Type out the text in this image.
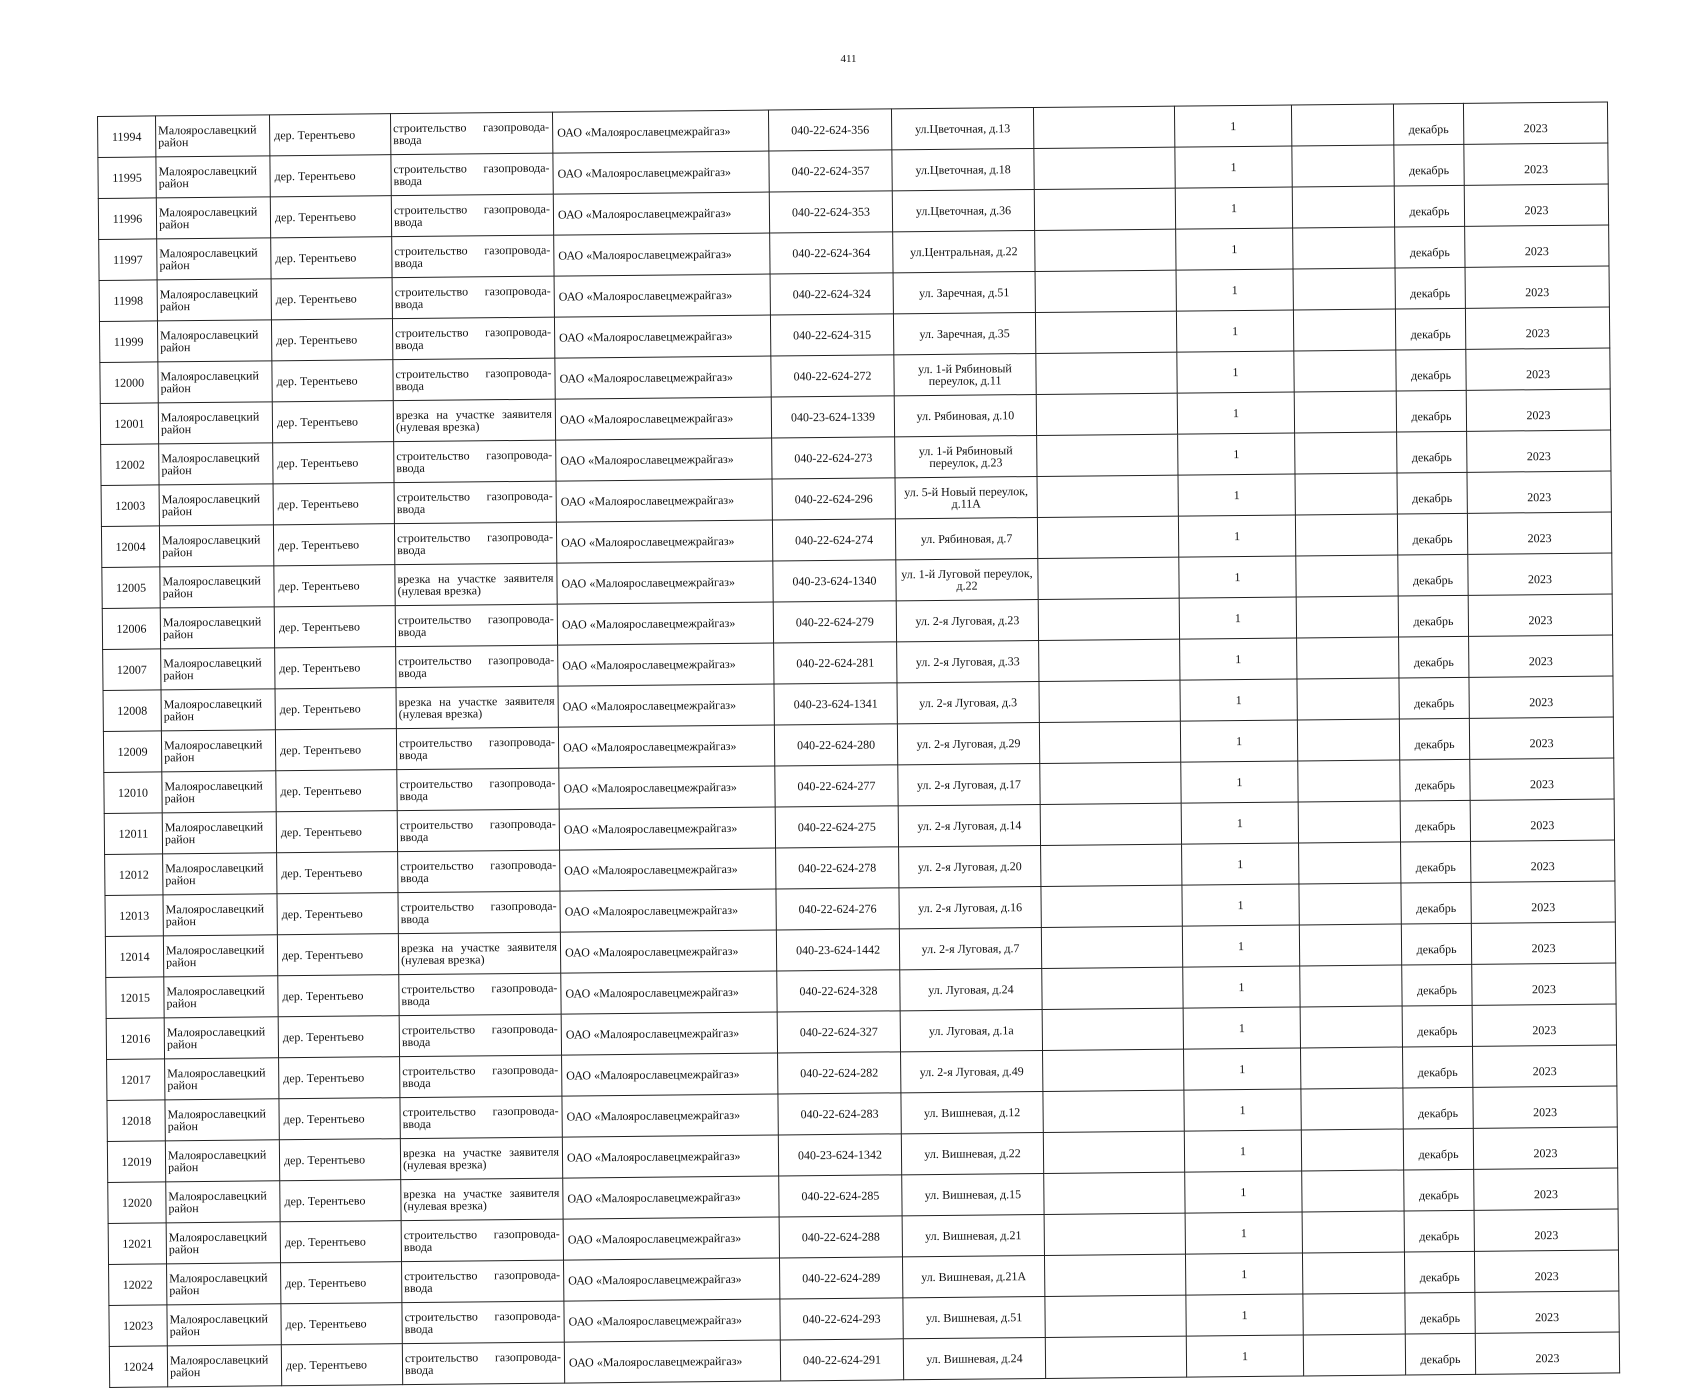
411
11994	Малоярославецкий район	дер. Терентьево	строительство газопровода-ввода	ОАО «Малоярославецмежрайгаз»	040-22-624-356	ул.Цветочная, д.13		1		декабрь	2023
11995	Малоярославецкий район	дер. Терентьево	строительство газопровода-ввода	ОАО «Малоярославецмежрайгаз»	040-22-624-357	ул.Цветочная, д.18		1		декабрь	2023
11996	Малоярославецкий район	дер. Терентьево	строительство газопровода-ввода	ОАО «Малоярославецмежрайгаз»	040-22-624-353	ул.Цветочная, д.36		1		декабрь	2023
11997	Малоярославецкий район	дер. Терентьево	строительство газопровода-ввода	ОАО «Малоярославецмежрайгаз»	040-22-624-364	ул.Центральная, д.22		1		декабрь	2023
11998	Малоярославецкий район	дер. Терентьево	строительство газопровода-ввода	ОАО «Малоярославецмежрайгаз»	040-22-624-324	ул. Заречная, д.51		1		декабрь	2023
11999	Малоярославецкий район	дер. Терентьево	строительство газопровода-ввода	ОАО «Малоярославецмежрайгаз»	040-22-624-315	ул. Заречная, д.35		1		декабрь	2023
12000	Малоярославецкий район	дер. Терентьево	строительство газопровода-ввода	ОАО «Малоярославецмежрайгаз»	040-22-624-272	ул. 1-й Рябиновый переулок, д.11		1		декабрь	2023
12001	Малоярославецкий район	дер. Терентьево	врезка на участке заявителя (нулевая врезка)	ОАО «Малоярославецмежрайгаз»	040-23-624-1339	ул. Рябиновая, д.10		1		декабрь	2023
12002	Малоярославецкий район	дер. Терентьево	строительство газопровода-ввода	ОАО «Малоярославецмежрайгаз»	040-22-624-273	ул. 1-й Рябиновый переулок, д.23		1		декабрь	2023
12003	Малоярославецкий район	дер. Терентьево	строительство газопровода-ввода	ОАО «Малоярославецмежрайгаз»	040-22-624-296	ул. 5-й Новый переулок, д.11А		1		декабрь	2023
12004	Малоярославецкий район	дер. Терентьево	строительство газопровода-ввода	ОАО «Малоярославецмежрайгаз»	040-22-624-274	ул. Рябиновая, д.7		1		декабрь	2023
12005	Малоярославецкий район	дер. Терентьево	врезка на участке заявителя (нулевая врезка)	ОАО «Малоярославецмежрайгаз»	040-23-624-1340	ул. 1-й Луговой переулок, д.22		1		декабрь	2023
12006	Малоярославецкий район	дер. Терентьево	строительство газопровода-ввода	ОАО «Малоярославецмежрайгаз»	040-22-624-279	ул. 2-я Луговая, д.23		1		декабрь	2023
12007	Малоярославецкий район	дер. Терентьево	строительство газопровода-ввода	ОАО «Малоярославецмежрайгаз»	040-22-624-281	ул. 2-я Луговая, д.33		1		декабрь	2023
12008	Малоярославецкий район	дер. Терентьево	врезка на участке заявителя (нулевая врезка)	ОАО «Малоярославецмежрайгаз»	040-23-624-1341	ул. 2-я Луговая, д.3		1		декабрь	2023
12009	Малоярославецкий район	дер. Терентьево	строительство газопровода-ввода	ОАО «Малоярославецмежрайгаз»	040-22-624-280	ул. 2-я Луговая, д.29		1		декабрь	2023
12010	Малоярославецкий район	дер. Терентьево	строительство газопровода-ввода	ОАО «Малоярославецмежрайгаз»	040-22-624-277	ул. 2-я Луговая, д.17		1		декабрь	2023
12011	Малоярославецкий район	дер. Терентьево	строительство газопровода-ввода	ОАО «Малоярославецмежрайгаз»	040-22-624-275	ул. 2-я Луговая, д.14		1		декабрь	2023
12012	Малоярославецкий район	дер. Терентьево	строительство газопровода-ввода	ОАО «Малоярославецмежрайгаз»	040-22-624-278	ул. 2-я Луговая, д.20		1		декабрь	2023
12013	Малоярославецкий район	дер. Терентьево	строительство газопровода-ввода	ОАО «Малоярославецмежрайгаз»	040-22-624-276	ул. 2-я Луговая, д.16		1		декабрь	2023
12014	Малоярославецкий район	дер. Терентьево	врезка на участке заявителя (нулевая врезка)	ОАО «Малоярославецмежрайгаз»	040-23-624-1442	ул. 2-я Луговая, д.7		1		декабрь	2023
12015	Малоярославецкий район	дер. Терентьево	строительство газопровода-ввода	ОАО «Малоярославецмежрайгаз»	040-22-624-328	ул. Луговая, д.24		1		декабрь	2023
12016	Малоярославецкий район	дер. Терентьево	строительство газопровода-ввода	ОАО «Малоярославецмежрайгаз»	040-22-624-327	ул. Луговая, д.1а		1		декабрь	2023
12017	Малоярославецкий район	дер. Терентьево	строительство газопровода-ввода	ОАО «Малоярославецмежрайгаз»	040-22-624-282	ул. 2-я Луговая, д.49		1		декабрь	2023
12018	Малоярославецкий район	дер. Терентьево	строительство газопровода-ввода	ОАО «Малоярославецмежрайгаз»	040-22-624-283	ул. Вишневая, д.12		1		декабрь	2023
12019	Малоярославецкий район	дер. Терентьево	врезка на участке заявителя (нулевая врезка)	ОАО «Малоярославецмежрайгаз»	040-23-624-1342	ул. Вишневая, д.22		1		декабрь	2023
12020	Малоярославецкий район	дер. Терентьево	врезка на участке заявителя (нулевая врезка)	ОАО «Малоярославецмежрайгаз»	040-22-624-285	ул. Вишневая, д.15		1		декабрь	2023
12021	Малоярославецкий район	дер. Терентьево	строительство газопровода-ввода	ОАО «Малоярославецмежрайгаз»	040-22-624-288	ул. Вишневая, д.21		1		декабрь	2023
12022	Малоярославецкий район	дер. Терентьево	строительство газопровода-ввода	ОАО «Малоярославецмежрайгаз»	040-22-624-289	ул. Вишневая, д.21А		1		декабрь	2023
12023	Малоярославецкий район	дер. Терентьево	строительство газопровода-ввода	ОАО «Малоярославецмежрайгаз»	040-22-624-293	ул. Вишневая, д.51		1		декабрь	2023
12024	Малоярославецкий район	дер. Терентьево	строительство газопровода-ввода	ОАО «Малоярославецмежрайгаз»	040-22-624-291	ул. Вишневая, д.24		1		декабрь	2023
